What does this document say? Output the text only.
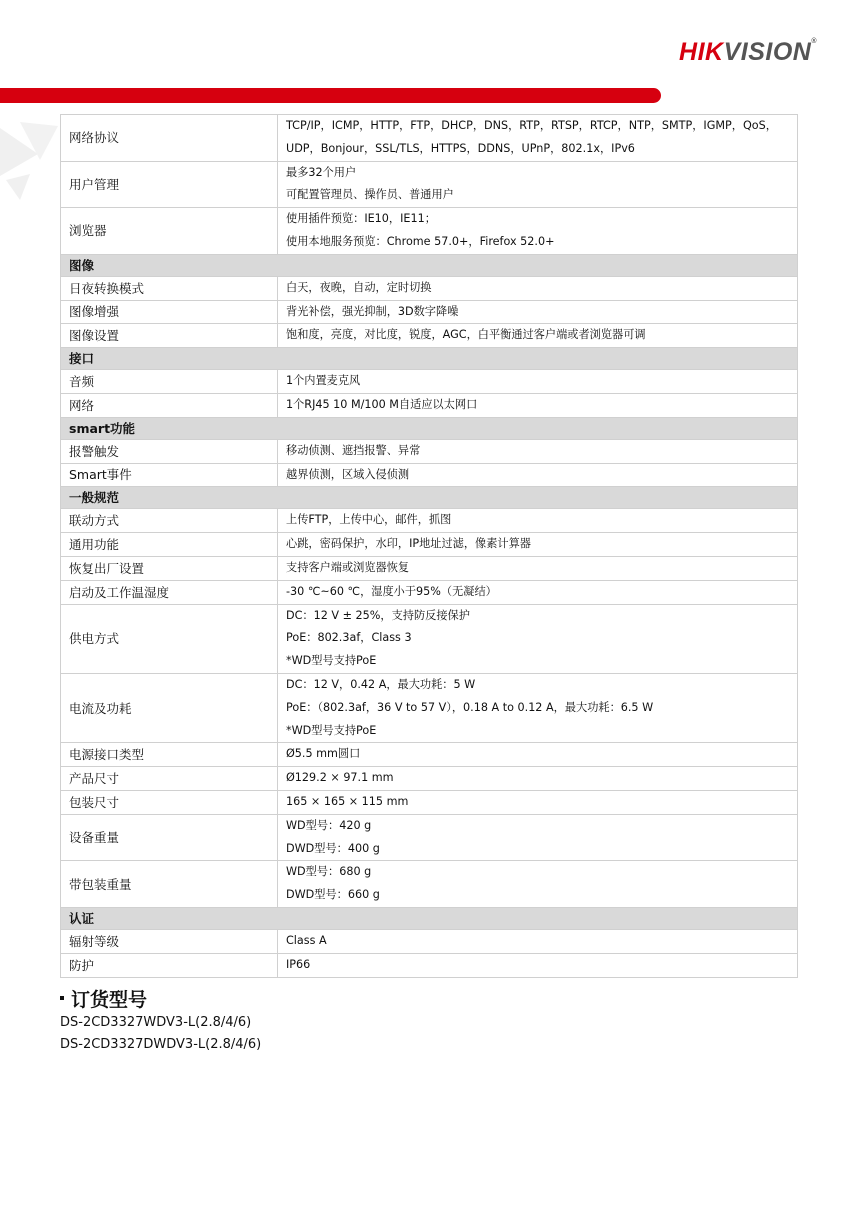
HIKVISION®
网络协议	TCP/IP，ICMP，HTTP，FTP，DHCP，DNS，RTP，RTSP，RTCP，NTP，SMTP，IGMP，QoS，
UDP，Bonjour，SSL/TLS，HTTPS，DDNS，UPnP，802.1x，IPv6

用户管理	最多32个用户
可配置管理员、操作员、普通用户

浏览器	使用插件预览：IE10，IE11；
使用本地服务预览：Chrome 57.0+，Firefox 52.0+

图像	
日夜转换模式	白天，夜晚，自动，定时切换

图像增强	背光补偿，强光抑制，3D数字降噪

图像设置	饱和度，亮度，对比度，锐度，AGC，白平衡通过客户端或者浏览器可调

接口	
音频	1个内置麦克风

网络	1个RJ45 10 M/100 M自适应以太网口

smart功能	
报警触发	移动侦测、遮挡报警、异常

Smart事件	越界侦测，区域入侵侦测

一般规范	
联动方式	上传FTP，上传中心，邮件，抓图

通用功能	心跳，密码保护，水印，IP地址过滤，像素计算器

恢复出厂设置	支持客户端或浏览器恢复

启动及工作温湿度	-30 ℃~60 ℃，湿度小于95%（无凝结）

供电方式	DC：12 V ± 25%，支持防反接保护
PoE：802.3af，Class 3
*WD型号支持PoE

电流及功耗	DC：12 V，0.42 A，最大功耗：5 W
PoE：（802.3af，36 V to 57 V），0.18 A to 0.12 A，最大功耗：6.5 W
*WD型号支持PoE

电源接口类型	Ø5.5 mm圆口

产品尺寸	Ø129.2 × 97.1 mm

包装尺寸	165 × 165 × 115 mm

设备重量	WD型号：420 g
DWD型号：400 g

带包装重量	WD型号：680 g
DWD型号：660 g

认证	
辐射等级	Class A

防护	IP66
订货型号
DS-2CD3327WDV3-L(2.8/4/6)
DS-2CD3327DWDV3-L(2.8/4/6)
